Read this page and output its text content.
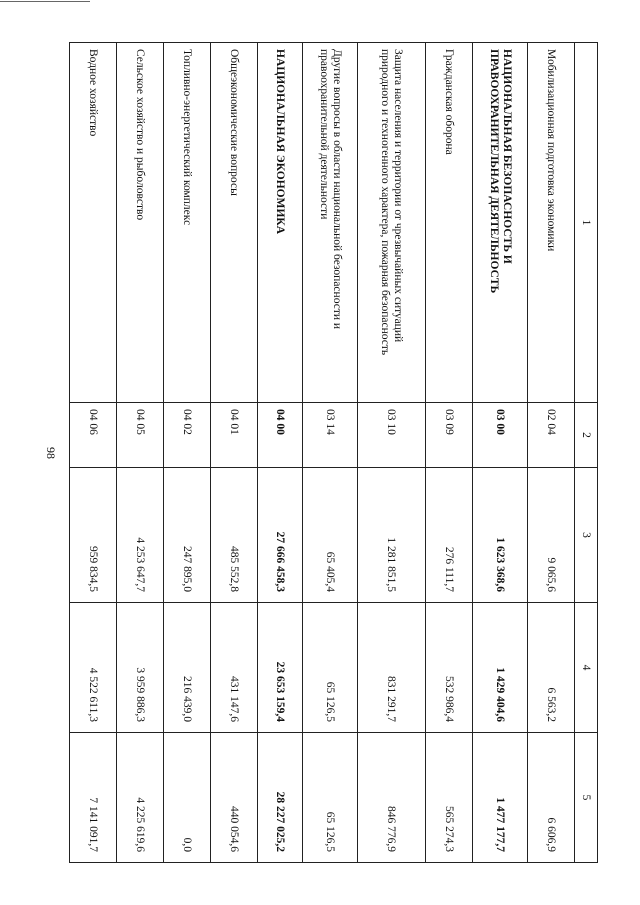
98
1	2	3	4	5
Мобилизационная подготовка экономики	02 04	9 065,6	6 563,2	6 606,9
НАЦИОНАЛЬНАЯ БЕЗОПАСНОСТЬ И ПРАВООХРАНИТЕЛЬНАЯ ДЕЯТЕЛЬНОСТЬ	03 00	1 623 368,6	1 429 404,6	1 477 177,7
Гражданская оборона	03 09	276 111,7	532 986,4	565 274,3
Защита населения и территории от чрезвычайных ситуаций природного и техногенного характера, пожарная безопасность	03 10	1 281 851,5	831 291,7	846 776,9
Другие вопросы в области национальной безопасности и правоохранительной деятельности	03 14	65 405,4	65 126,5	65 126,5
НАЦИОНАЛЬНАЯ ЭКОНОМИКА	04 00	27 666 458,3	23 653 159,4	28 227 025,2
Общеэкономические вопросы	04 01	485 552,8	431 147,6	440 054,6
Топливно-энергетический комплекс	04 02	247 895,0	216 439,0	0,0
Сельское хозяйство и рыболовство	04 05	4 253 647,7	3 959 886,3	4 225 619,6
Водное хозяйство	04 06	959 834,5	4 522 611,3	7 141 091,7
